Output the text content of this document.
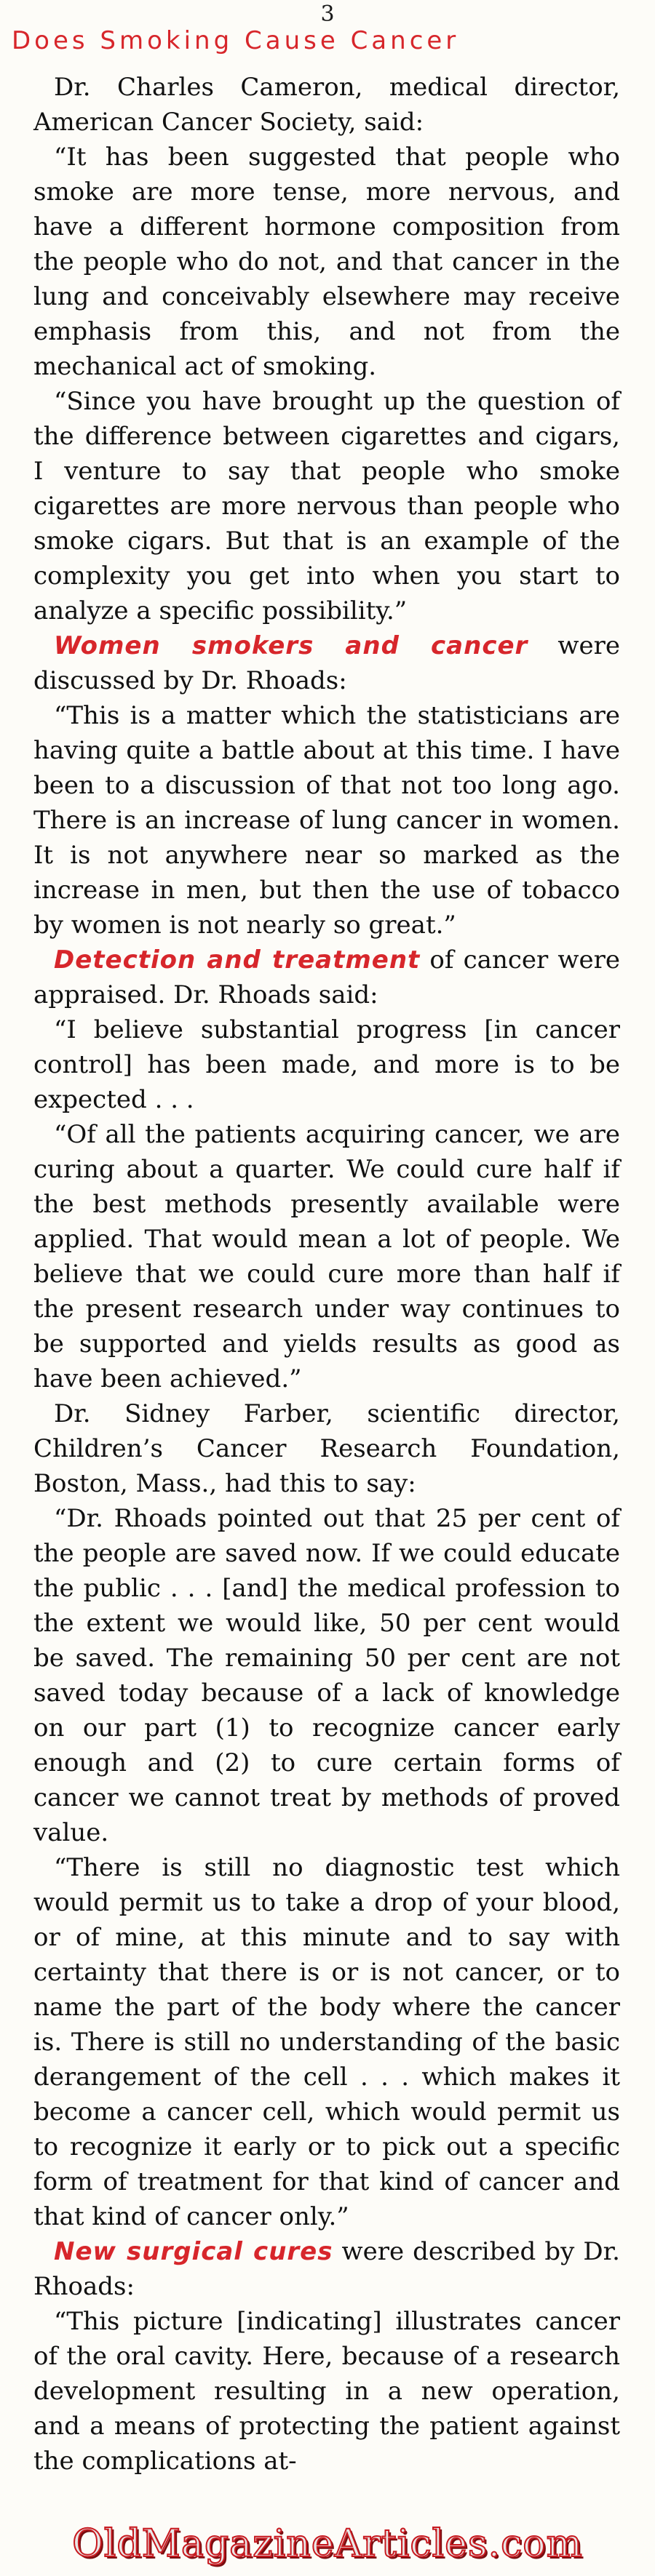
3
Does Smoking Cause Cancer

Dr. Charles Cameron, medical director, American Cancer Society, said:

“It has been suggested that people who smoke are more tense, more nervous, and have a different hormone composition from the people who do not, and that cancer in the lung and conceivably elsewhere may receive emphasis from this, and not from the mechanical act of smoking.

“Since you have brought up the question of the difference between cigarettes and cigars, I venture to say that people who smoke cigarettes are more nervous than people who smoke cigars. But that is an example of the complexity you get into when you start to analyze a specific possibility.”

Women smokers and cancer were discussed by Dr. Rhoads:

“This is a matter which the statisticians are having quite a battle about at this time. I have been to a discussion of that not too long ago. There is an increase of lung cancer in women. It is not anywhere near so marked as the increase in men, but then the use of tobacco by women is not nearly so great.”

Detection and treatment of cancer were appraised. Dr. Rhoads said:

“I believe substantial progress [in cancer control] has been made, and more is to be expected . . .

“Of all the patients acquiring cancer, we are curing about a quarter. We could cure half if the best methods presently available were applied. That would mean a lot of people. We believe that we could cure more than half if the present research under way continues to be supported and yields results as good as have been achieved.”

Dr. Sidney Farber, scientific director, Children’s Cancer Research Foundation, Boston, Mass., had this to say:

“Dr. Rhoads pointed out that 25 per cent of the people are saved now. If we could educate the public . . . [and] the medical profession to the extent we would like, 50 per cent would be saved. The remaining 50 per cent are not saved today because of a lack of knowledge on our part (1) to recognize cancer early enough and (2) to cure certain forms of cancer we cannot treat by methods of proved value.

“There is still no diagnostic test which would permit us to take a drop of your blood, or of mine, at this minute and to say with certainty that there is or is not cancer, or to name the part of the body where the cancer is. There is still no understanding of the basic derangement of the cell . . . which makes it become a cancer cell, which would permit us to recognize it early or to pick out a specific form of treatment for that kind of cancer and that kind of cancer only.”

New surgical cures were described by Dr. Rhoads:

“This picture [indicating] illustrates cancer of the oral cavity. Here, because of a research development resulting in a new operation, and a means of protecting the patient against the complications at-

OldMagazineArticles.com
